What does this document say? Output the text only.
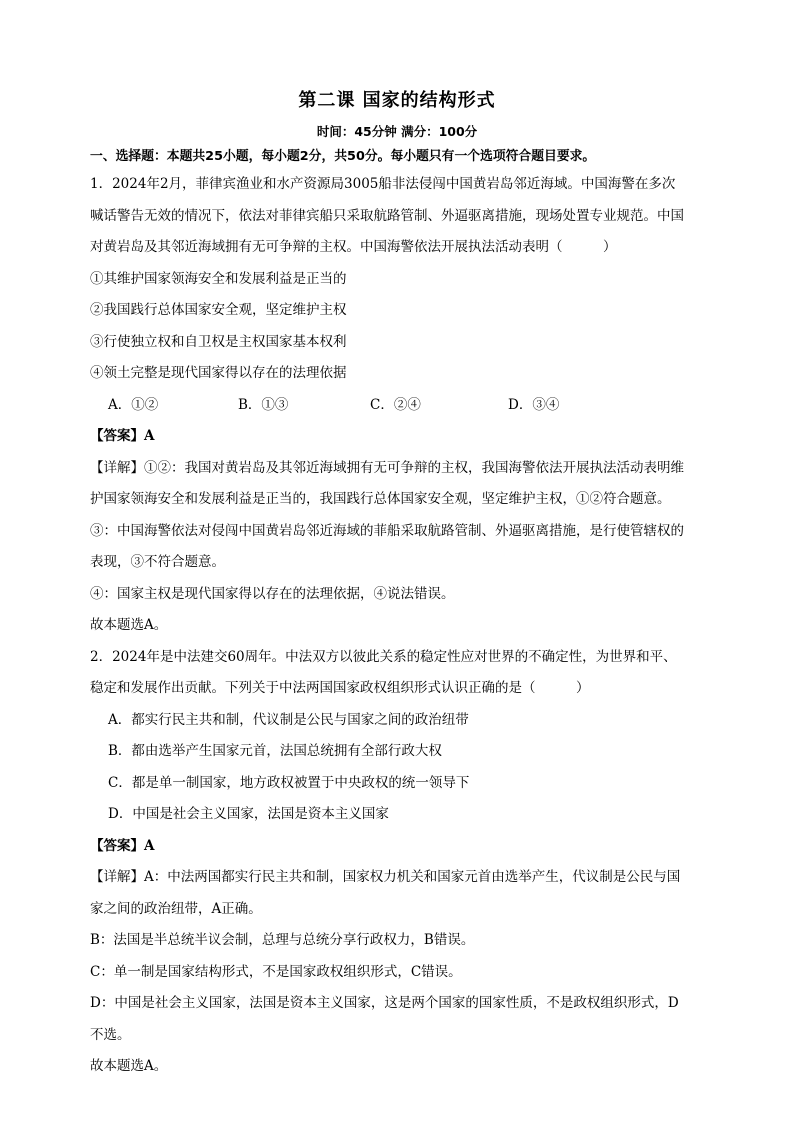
第二课 国家的结构形式
时间：45分钟 满分：100分
一、选择题：本题共25小题，每小题2分，共50分。每小题只有一个选项符合题目要求。
1．2024年2月，菲律宾渔业和水产资源局3005船非法侵闯中国黄岩岛邻近海域。中国海警在多次
喊话警告无效的情况下，依法对菲律宾船只采取航路管制、外逼驱离措施，现场处置专业规范。中国
对黄岩岛及其邻近海域拥有无可争辩的主权。中国海警依法开展执法活动表明（　　　）
①其维护国家领海安全和发展利益是正当的
②我国践行总体国家安全观，坚定维护主权
③行使独立权和自卫权是主权国家基本权利
④领土完整是现代国家得以存在的法理依据
A．①②	B．①③	C．②④	D．③④
【答案】A
【详解】①②：我国对黄岩岛及其邻近海域拥有无可争辩的主权，我国海警依法开展执法活动表明维
护国家领海安全和发展利益是正当的，我国践行总体国家安全观，坚定维护主权，①②符合题意。
③：中国海警依法对侵闯中国黄岩岛邻近海域的菲船采取航路管制、外逼驱离措施，是行使管辖权的
表现，③不符合题意。
④：国家主权是现代国家得以存在的法理依据，④说法错误。
故本题选A。
2．2024年是中法建交60周年。中法双方以彼此关系的稳定性应对世界的不确定性，为世界和平、
稳定和发展作出贡献。下列关于中法两国国家政权组织形式认识正确的是（　　　）
A．都实行民主共和制，代议制是公民与国家之间的政治纽带
B．都由选举产生国家元首，法国总统拥有全部行政大权
C．都是单一制国家，地方政权被置于中央政权的统一领导下
D．中国是社会主义国家，法国是资本主义国家
【答案】A
【详解】A：中法两国都实行民主共和制，国家权力机关和国家元首由选举产生，代议制是公民与国
家之间的政治纽带，A正确。
B：法国是半总统半议会制，总理与总统分享行政权力，B错误。
C：单一制是国家结构形式，不是国家政权组织形式，C错误。
D：中国是社会主义国家，法国是资本主义国家，这是两个国家的国家性质，不是政权组织形式，D
不选。
故本题选A。
